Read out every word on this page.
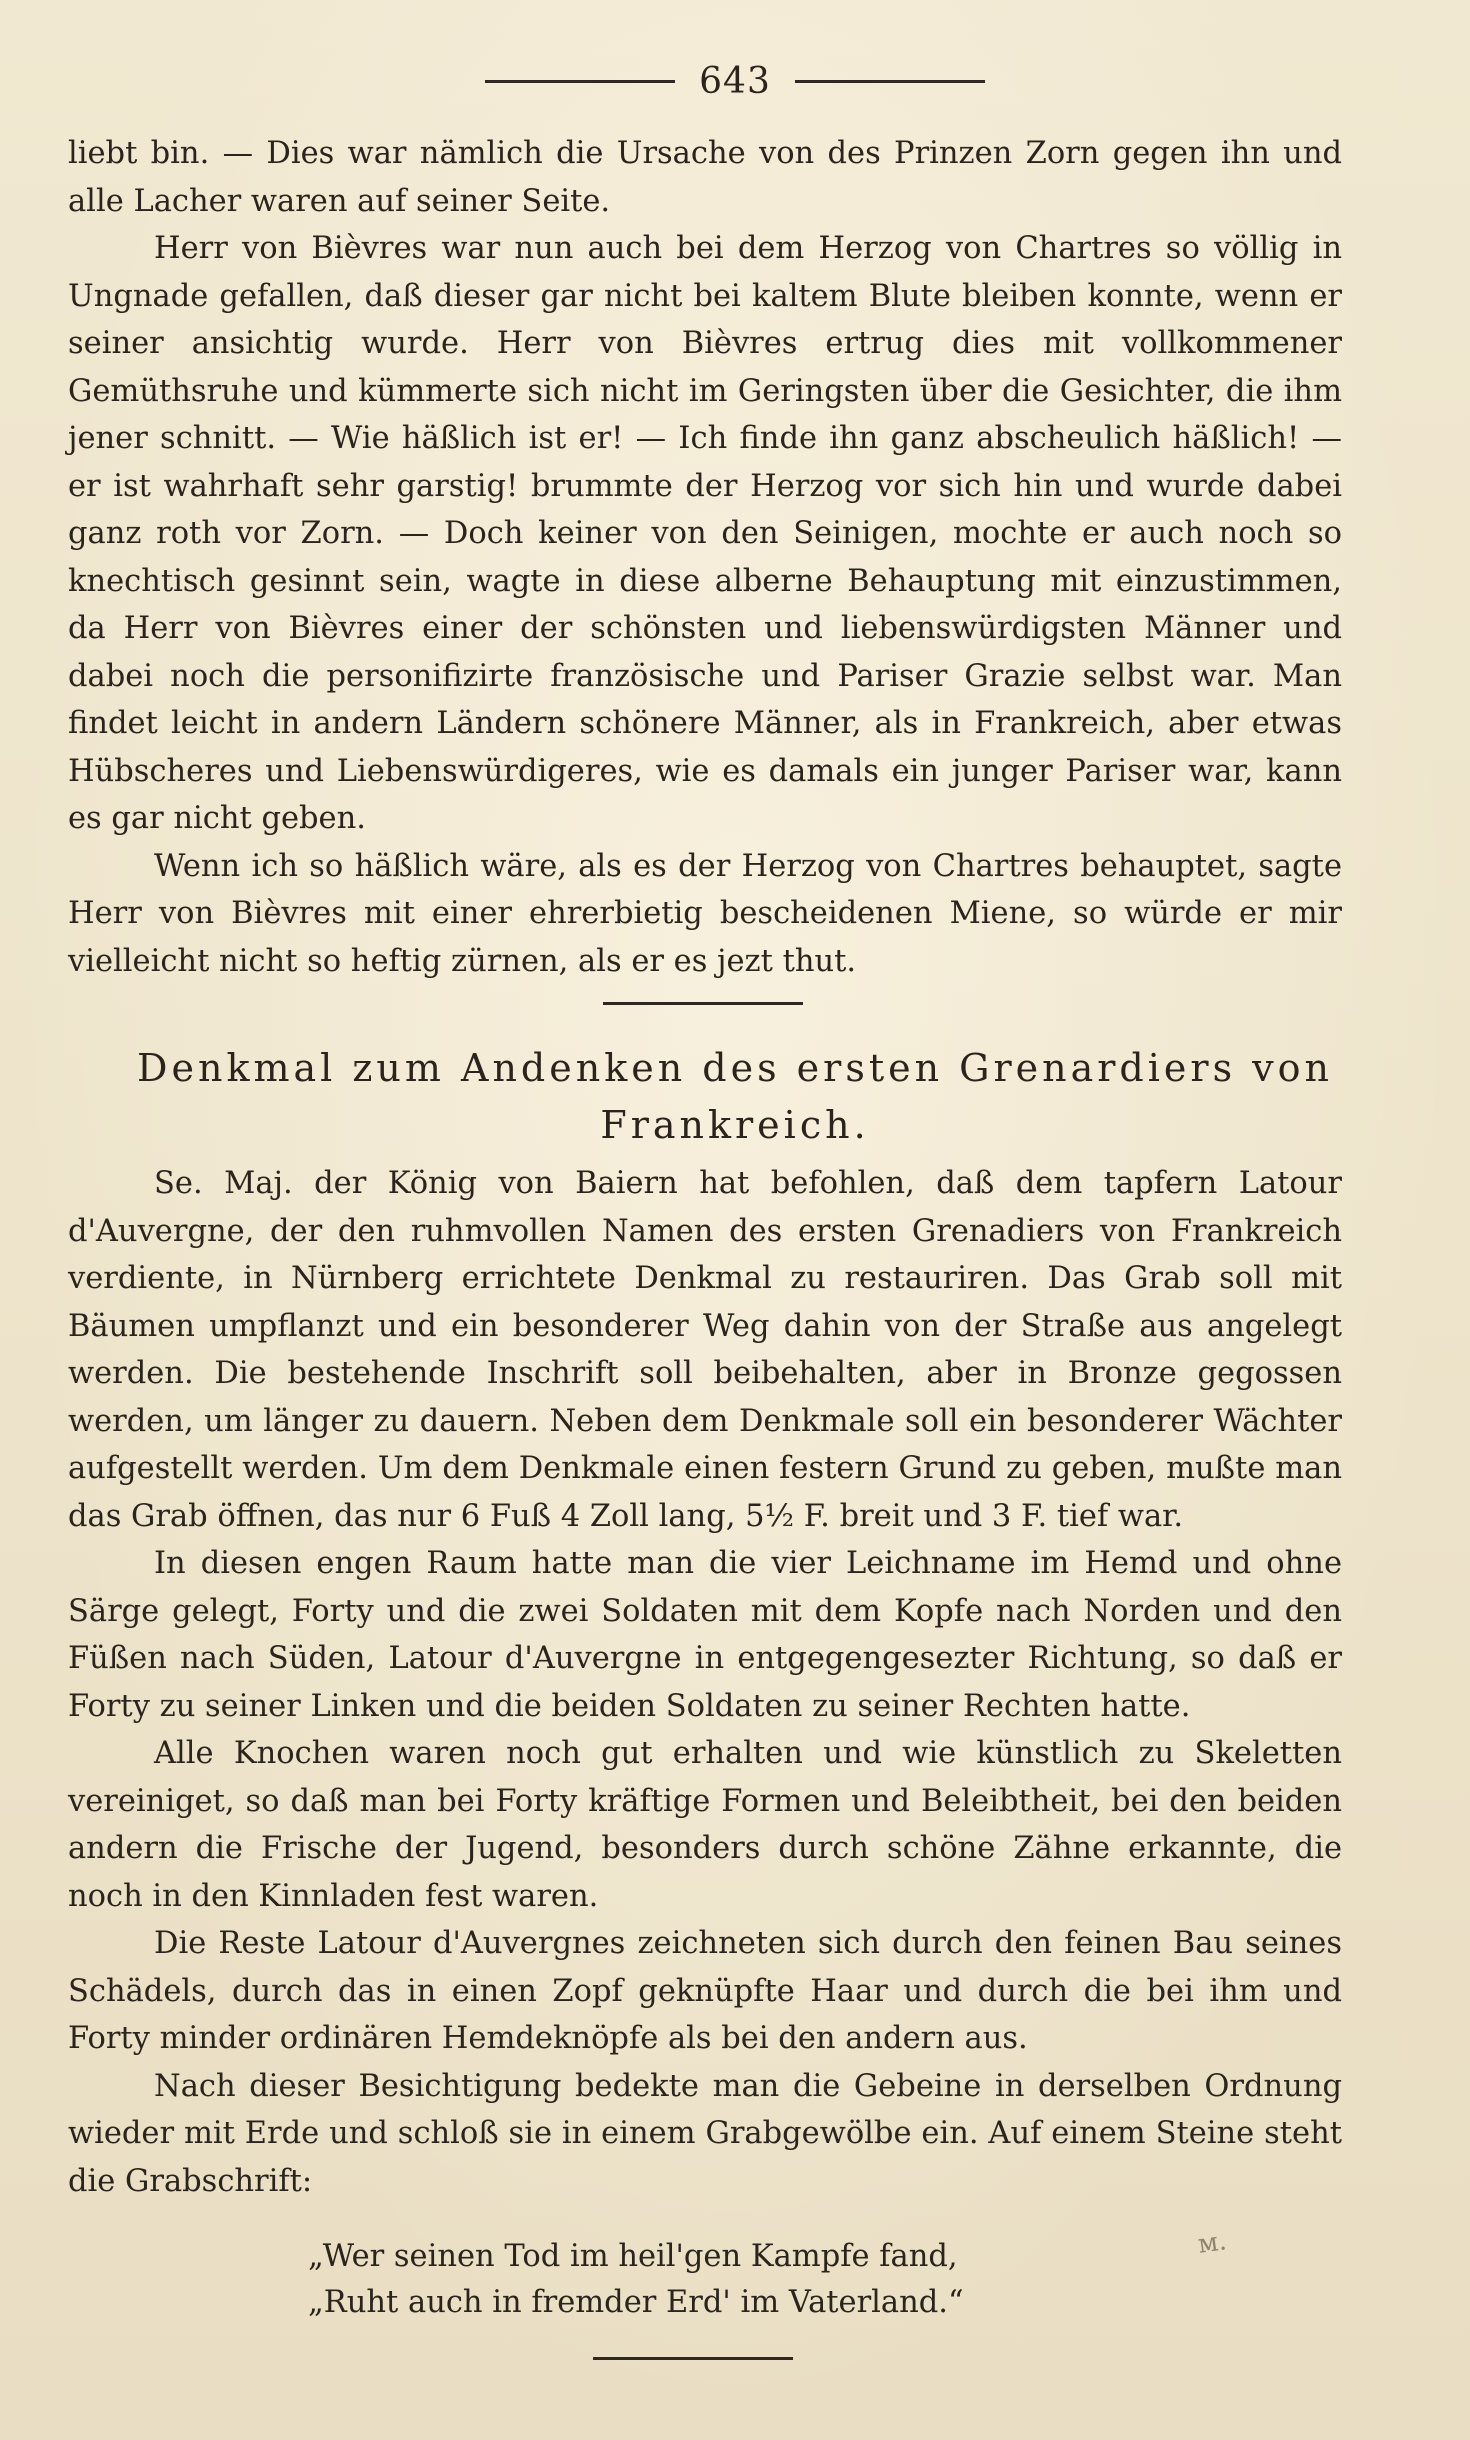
643

liebt bin. — Dies war nämlich die Ursache von des Prinzen Zorn gegen ihn und alle Lacher waren auf seiner Seite.

Herr von Bièvres war nun auch bei dem Herzog von Chartres so völlig in Ungnade gefallen, daß dieser gar nicht bei kaltem Blute bleiben konnte, wenn er seiner ansichtig wurde. Herr von Bièvres ertrug dies mit vollkommener Gemüthsruhe und kümmerte sich nicht im Geringsten über die Gesichter, die ihm jener schnitt. — Wie häßlich ist er! — Ich finde ihn ganz abscheulich häßlich! — er ist wahrhaft sehr garstig! brummte der Herzog vor sich hin und wurde dabei ganz roth vor Zorn. — Doch keiner von den Seinigen, mochte er auch noch so knechtisch gesinnt sein, wagte in diese alberne Behauptung mit einzustimmen, da Herr von Bièvres einer der schönsten und liebenswürdigsten Männer und dabei noch die personifizirte französische und Pariser Grazie selbst war. Man findet leicht in andern Ländern schönere Männer, als in Frankreich, aber etwas Hübscheres und Liebenswürdigeres, wie es damals ein junger Pariser war, kann es gar nicht geben.

Wenn ich so häßlich wäre, als es der Herzog von Chartres behauptet, sagte Herr von Bièvres mit einer ehrerbietig bescheidenen Miene, so würde er mir vielleicht nicht so heftig zürnen, als er es jezt thut.

Denkmal zum Andenken des ersten Grenardiers von Frankreich.

Se. Maj. der König von Baiern hat befohlen, daß dem tapfern Latour d'Auvergne, der den ruhmvollen Namen des ersten Grenadiers von Frankreich verdiente, in Nürnberg errichtete Denkmal zu restauriren. Das Grab soll mit Bäumen umpflanzt und ein besonderer Weg dahin von der Straße aus angelegt werden. Die bestehende Inschrift soll beibehalten, aber in Bronze gegossen werden, um länger zu dauern. Neben dem Denkmale soll ein besonderer Wächter aufgestellt werden. Um dem Denkmale einen festern Grund zu geben, mußte man das Grab öffnen, das nur 6 Fuß 4 Zoll lang, 5½ F. breit und 3 F. tief war.

In diesen engen Raum hatte man die vier Leichname im Hemd und ohne Särge gelegt, Forty und die zwei Soldaten mit dem Kopfe nach Norden und den Füßen nach Süden, Latour d'Auvergne in entgegengesezter Richtung, so daß er Forty zu seiner Linken und die beiden Soldaten zu seiner Rechten hatte.

Alle Knochen waren noch gut erhalten und wie künstlich zu Skeletten vereiniget, so daß man bei Forty kräftige Formen und Beleibtheit, bei den beiden andern die Frische der Jugend, besonders durch schöne Zähne erkannte, die noch in den Kinnladen fest waren.

Die Reste Latour d'Auvergnes zeichneten sich durch den feinen Bau seines Schädels, durch das in einen Zopf geknüpfte Haar und durch die bei ihm und Forty minder ordinären Hemdeknöpfe als bei den andern aus.

Nach dieser Besichtigung bedekte man die Gebeine in derselben Ordnung wieder mit Erde und schloß sie in einem Grabgewölbe ein. Auf einem Steine steht die Grabschrift:

„Wer seinen Tod im heil'gen Kampfe fand,

„Ruht auch in fremder Erd' im Vaterland.“

ᴍ.
